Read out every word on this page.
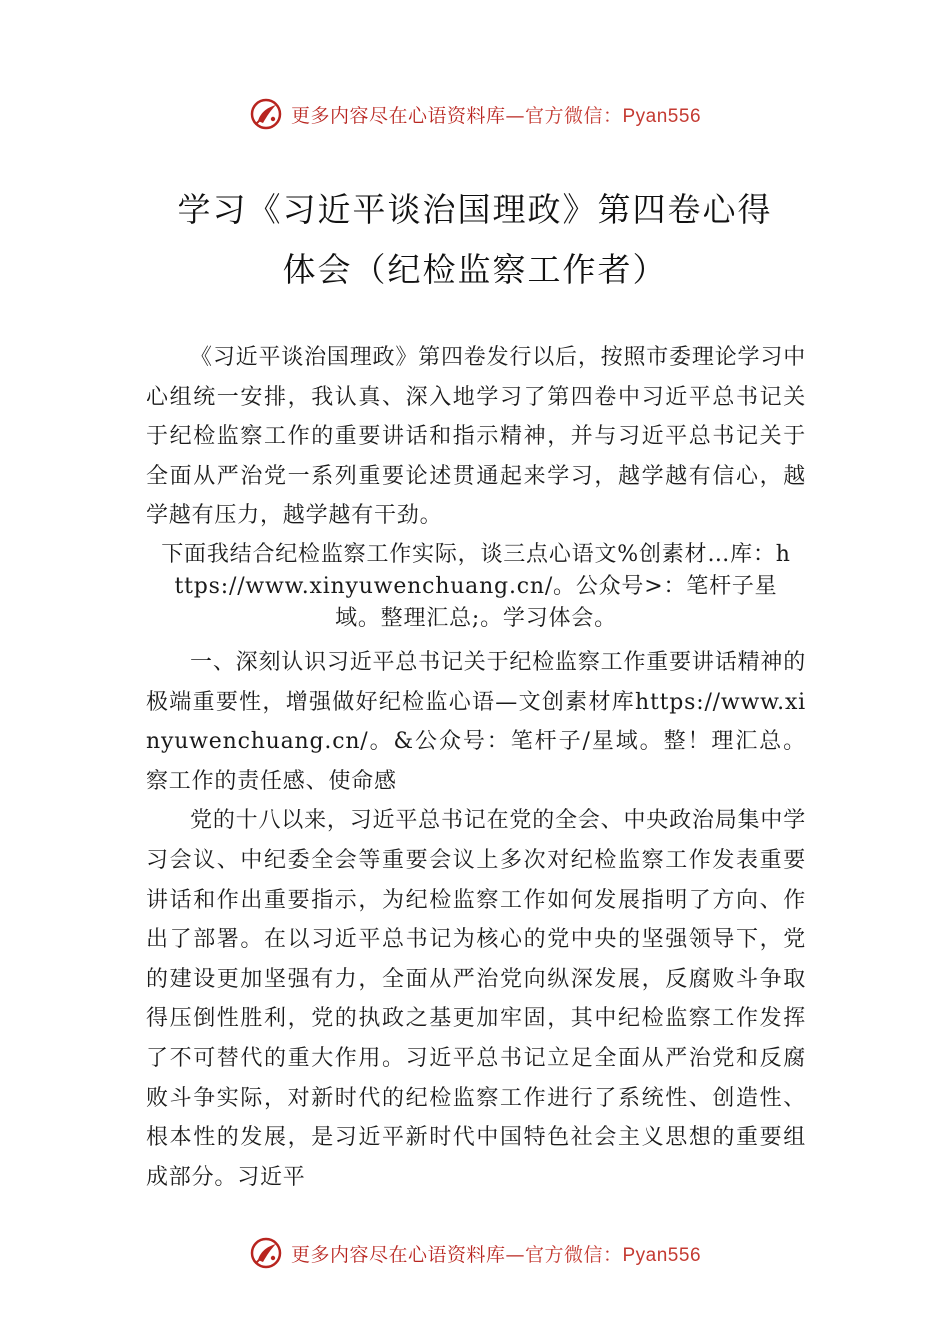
更多内容尽在心语资料库—官方微信：Pyan556
学习《习近平谈治国理政》第四卷心得
体会（纪检监察工作者）

《习近平谈治国理政》第四卷发行以后，按照市委理论学习中心组统一安排，我认真、深入地学习了第四卷中习近平总书记关于纪检监察工作的重要讲话和指示精神，并与习近平总书记关于全面从严治党一系列重要论述贯通起来学习，越学越有信心，越学越有压力，越学越有干劲。

下面我结合纪检监察工作实际，谈三点心语文%创素材…库：https://www.xinyuwenchuang.cn/。公众号>：笔杆子星域。整理汇总;。学习体会。

一、深刻认识习近平总书记关于纪检监察工作重要讲话精神的极端重要性，增强做好纪检监心语—文创素材库https://www.xinyuwenchuang.cn/。&公众号：笔杆子/星域。整！理汇总。察工作的责任感、使命感

党的十八以来，习近平总书记在党的全会、中央政治局集中学习会议、中纪委全会等重要会议上多次对纪检监察工作发表重要讲话和作出重要指示，为纪检监察工作如何发展指明了方向、作出了部署。在以习近平总书记为核心的党中央的坚强领导下，党的建设更加坚强有力，全面从严治党向纵深发展，反腐败斗争取得压倒性胜利，党的执政之基更加牢固，其中纪检监察工作发挥了不可替代的重大作用。习近平总书记立足全面从严治党和反腐败斗争实际，对新时代的纪检监察工作进行了系统性、创造性、根本性的发展，是习近平新时代中国特色社会主义思想的重要组成部分。习近平

更多内容尽在心语资料库—官方微信：Pyan556
